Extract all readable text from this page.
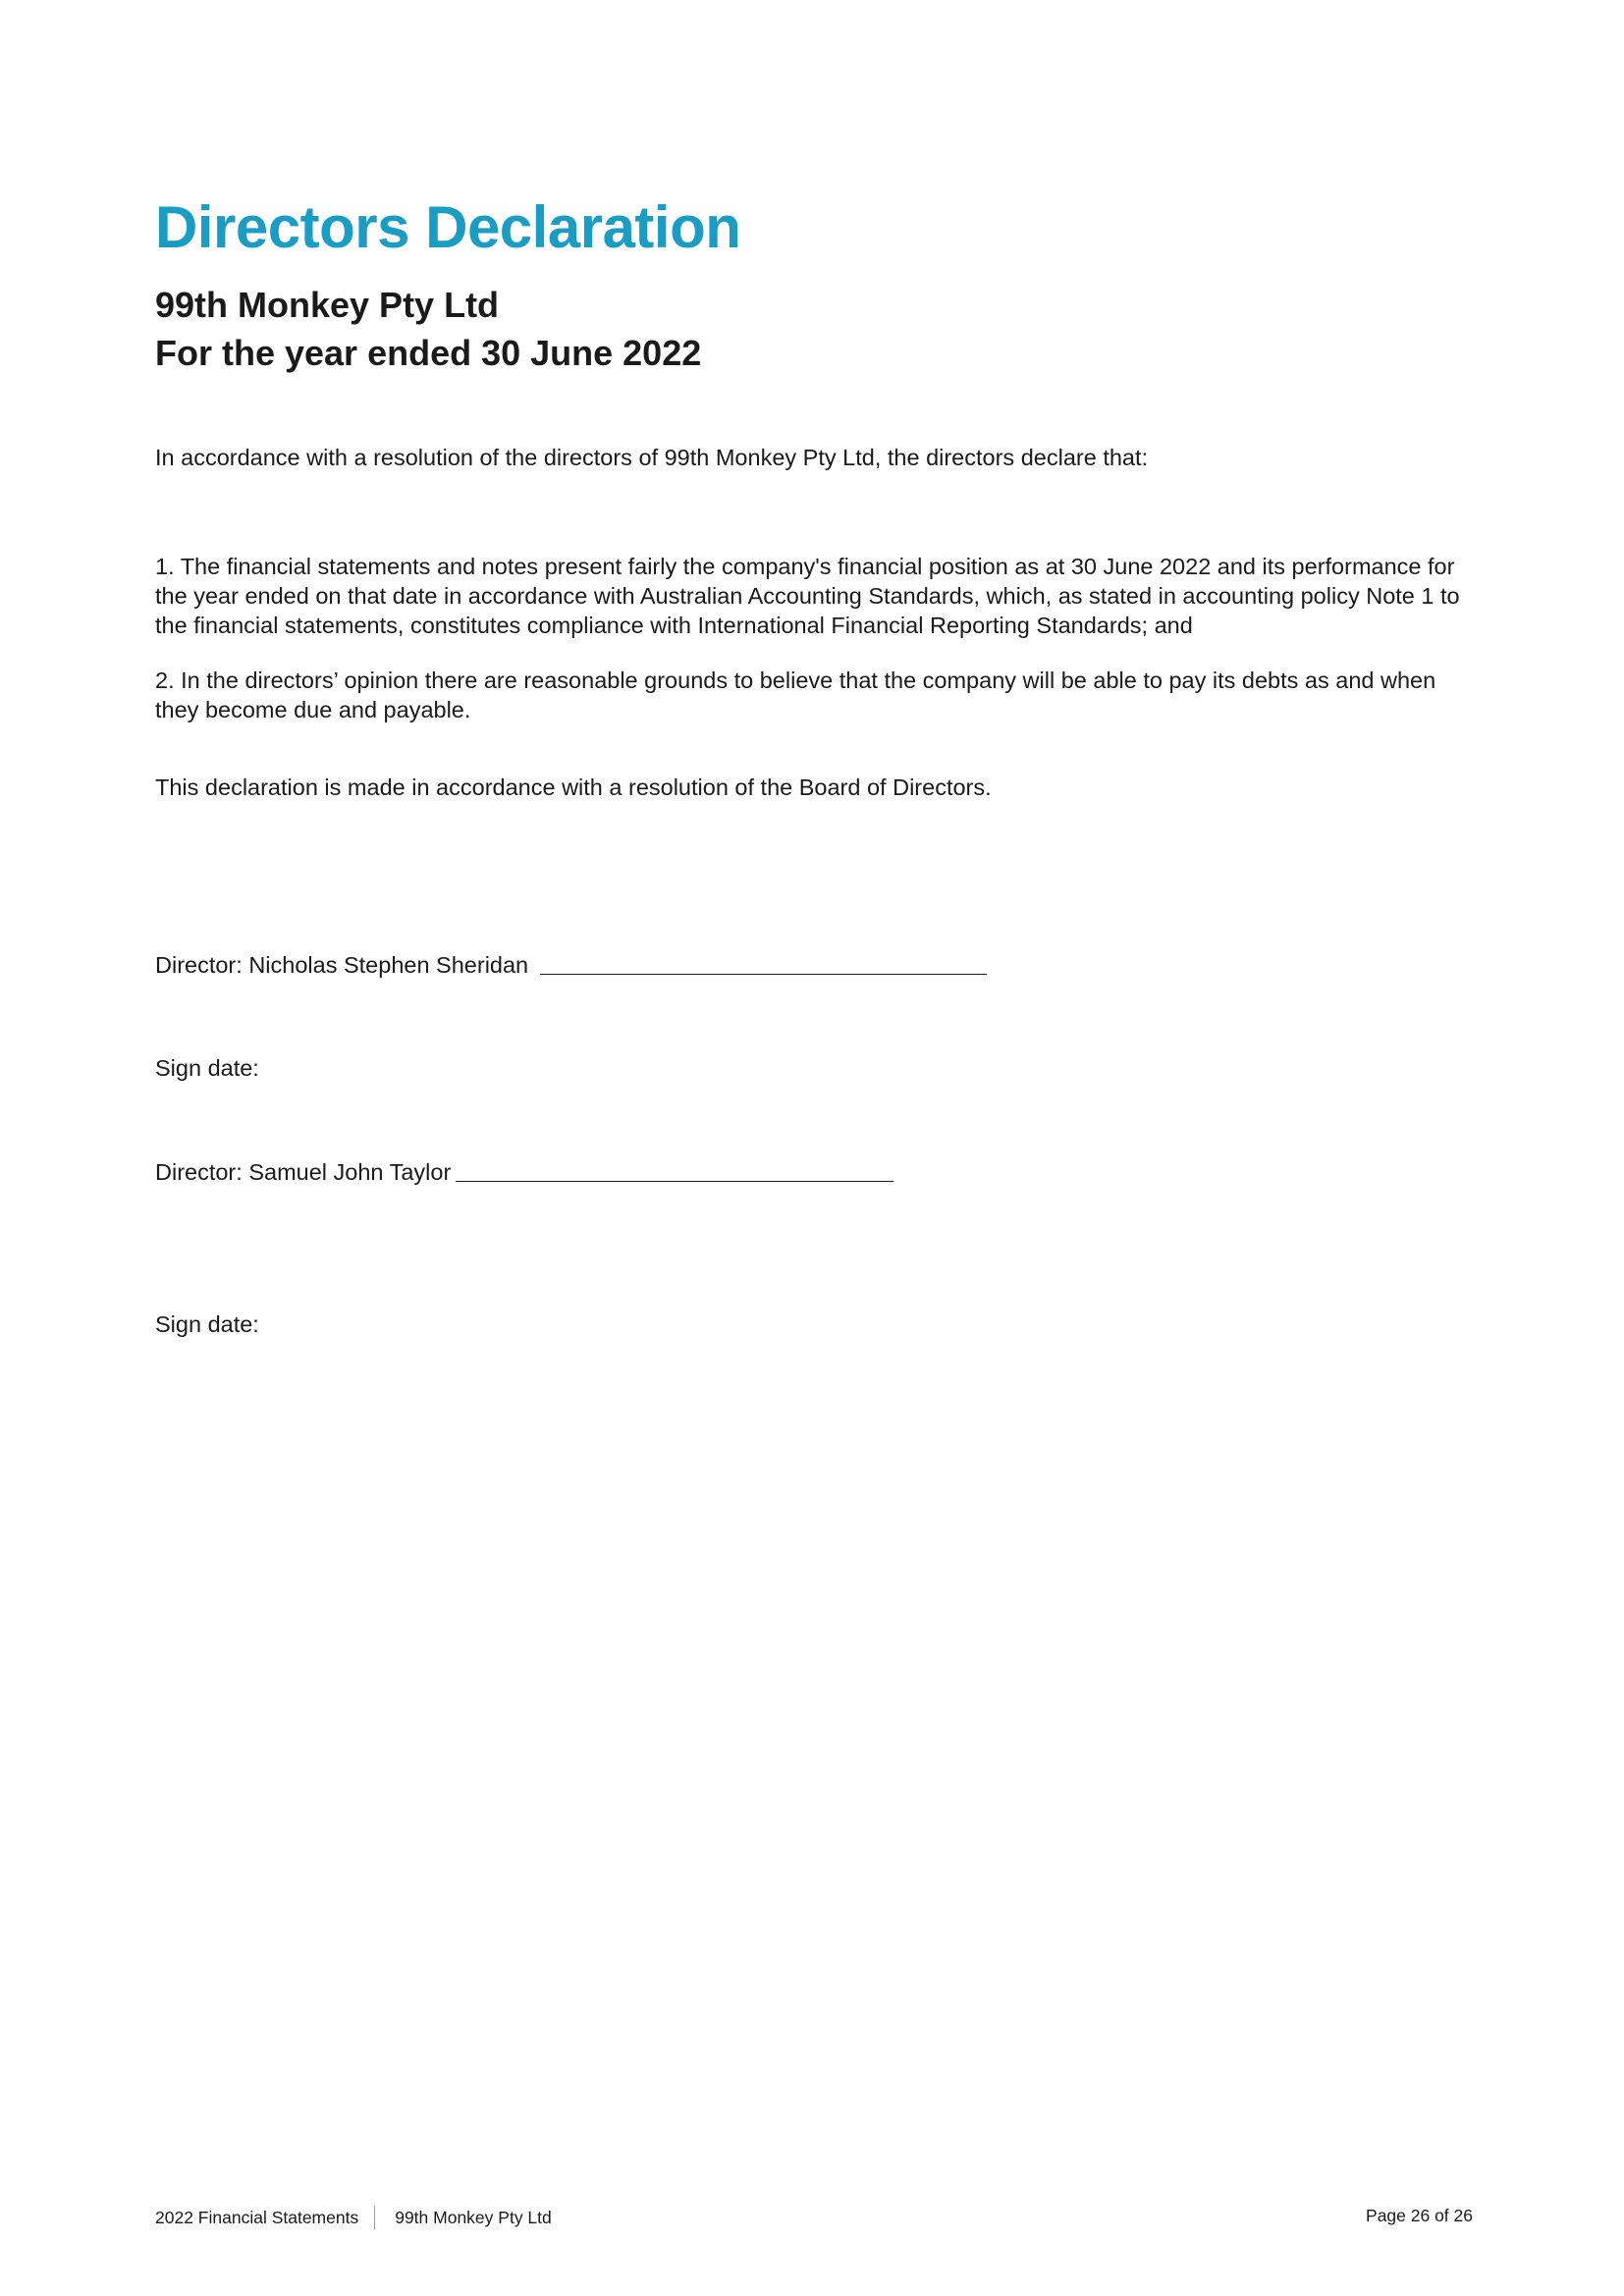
Directors Declaration
99th Monkey Pty Ltd
For the year ended 30 June 2022

In accordance with a resolution of the directors of 99th Monkey Pty Ltd, the directors declare that:

1. The financial statements and notes present fairly the company's financial position as at 30 June 2022 and its performance for the year ended on that date in accordance with Australian Accounting Standards, which, as stated in accounting policy Note 1 to the financial statements, constitutes compliance with International Financial Reporting Standards; and

2. In the directors’ opinion there are reasonable grounds to believe that the company will be able to pay its debts as and when they become due and payable.

This declaration is made in accordance with a resolution of the Board of Directors.

Director: Nicholas Stephen Sheridan
Sign date:
Director: Samuel John Taylor
Sign date:
2022 Financial Statements 99th Monkey Pty Ltd	Page 26 of 26
